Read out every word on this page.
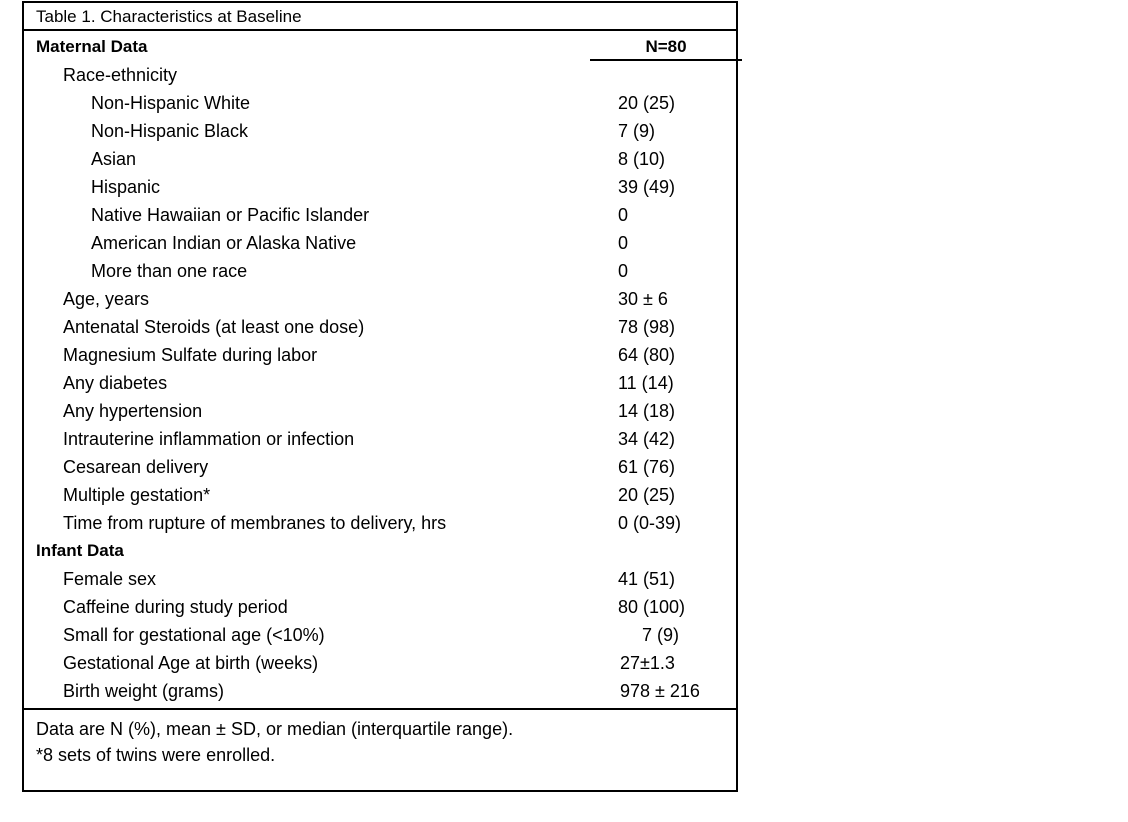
Table 1. Characteristics at Baseline
Maternal Data	N=80
Race-ethnicity
Non-Hispanic White	20 (25)
Non-Hispanic Black	7 (9)
Asian	8 (10)
Hispanic	39 (49)
Native Hawaiian or Pacific Islander	0
American Indian or Alaska Native	0
More than one race	0
Age, years	30 ± 6
Antenatal Steroids (at least one dose)	78 (98)
Magnesium Sulfate during labor	64 (80)
Any diabetes	11 (14)
Any hypertension	14 (18)
Intrauterine inflammation or infection	34 (42)
Cesarean delivery	61 (76)
Multiple gestation*	20 (25)
Time from rupture of membranes to delivery, hrs	0 (0-39)
Infant Data
Female sex	41 (51)
Caffeine during study period	80 (100)
Small for gestational age (<10%)	7 (9)
Gestational Age at birth (weeks)	27±1.3
Birth weight (grams)	978 ± 216
Data are N (%), mean ± SD, or median (interquartile range).
*8 sets of twins were enrolled.
